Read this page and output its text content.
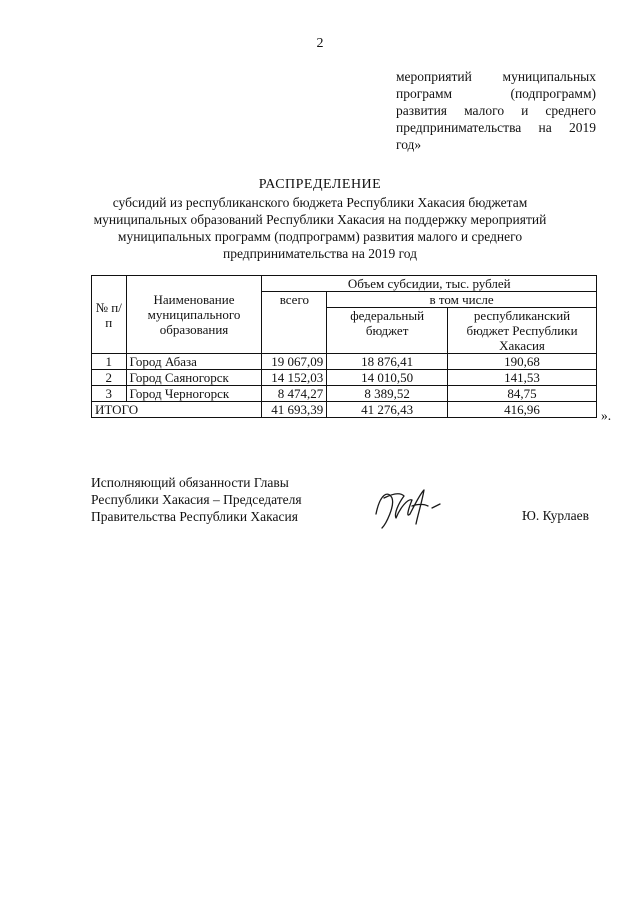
2
мероприятий муниципальных
программ (подпрограмм)
развития малого и среднего
предпринимательства на 2019
год»
РАСПРЕДЕЛЕНИЕ
субсидий из республиканского бюджета Республики Хакасия бюджетам
муниципальных образований Республики Хакасия на поддержку мероприятий
муниципальных программ (подпрограмм) развития малого и среднего
предпринимательства на 2019 год
№ п/п	Наименование муниципального образования	Объем субсидии, тыс. рублей		
		всего	в том числе	
			федеральный бюджет	республиканский бюджет Республики Хакасия
1	Город Абаза	19 067,09	18 876,41	190,68
2	Город Саяногорск	14 152,03	14 010,50	141,53
3	Город Черногорск	8 474,27	8 389,52	84,75
ИТОГО		41 693,39	41 276,43	416,96	».
Исполняющий обязанности Главы
Республики Хакасия – Председателя
Правительства Республики Хакасия	Ю. Курлаев
